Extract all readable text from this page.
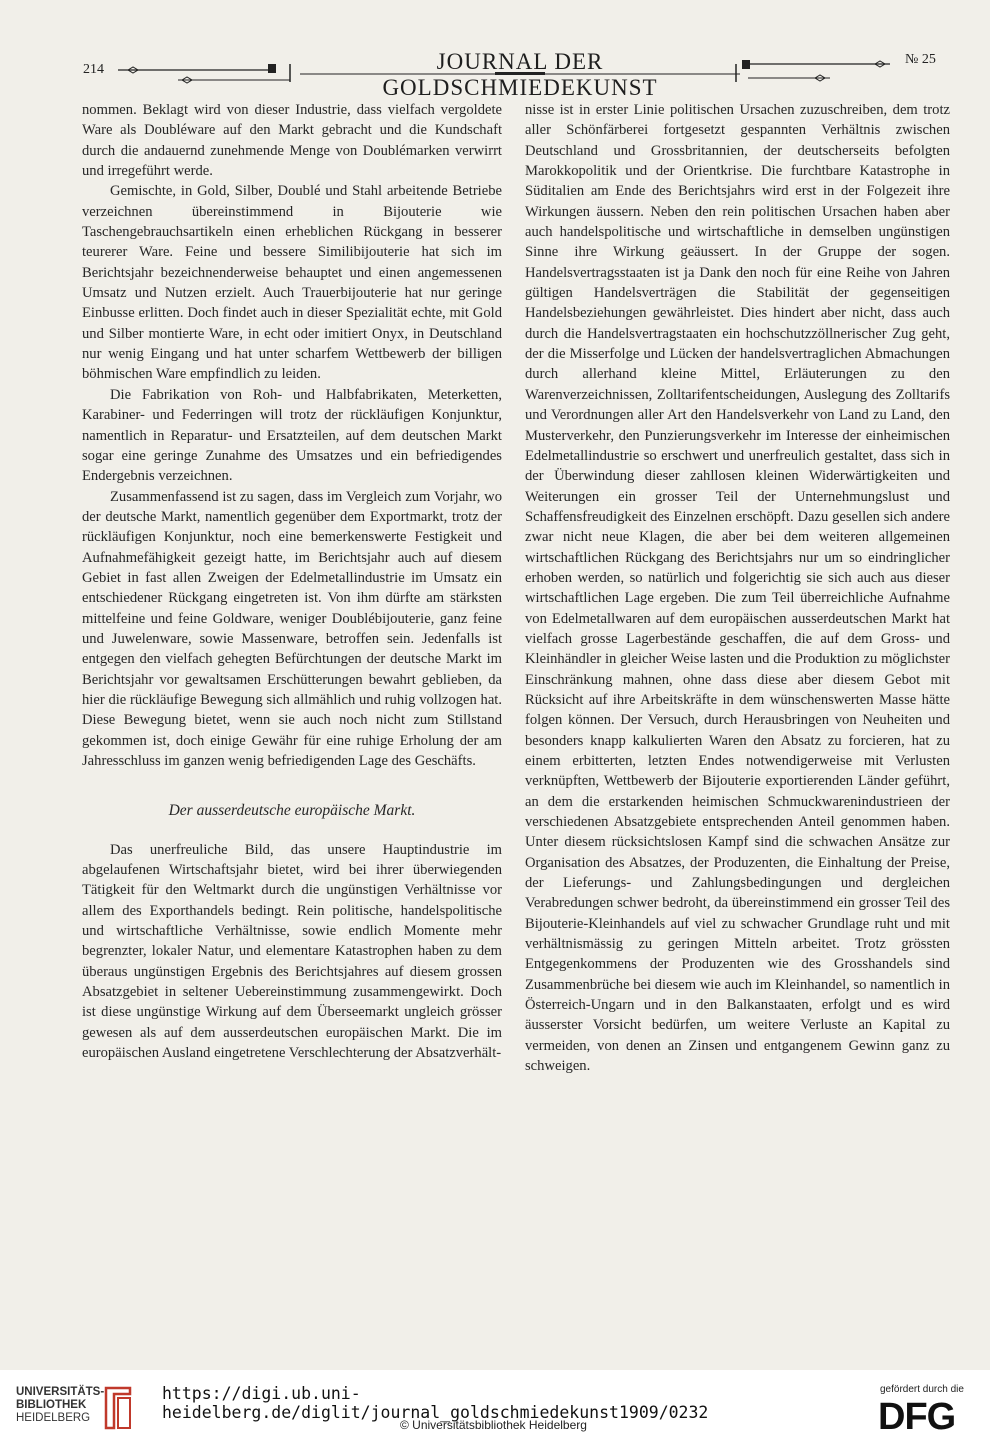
214	JOURNAL DER GOLDSCHMIEDEKUNST
№ 25

nommen. Beklagt wird von dieser Industrie, dass vielfach vergoldete Ware als Doubléware auf den Markt gebracht und die Kundschaft durch die andauernd zunehmende Menge von Doublémarken verwirrt und irregeführt werde.

Gemischte, in Gold, Silber, Doublé und Stahl arbeitende Betriebe verzeichnen übereinstimmend in Bijouterie wie Taschengebrauchsartikeln einen erheblichen Rückgang in besserer teurerer Ware. Feine und bessere Similibijouterie hat sich im Berichtsjahr bezeichnenderweise behauptet und einen angemessenen Umsatz und Nutzen erzielt. Auch Trauerbijouterie hat nur geringe Einbusse erlitten. Doch findet auch in dieser Spezialität echte, mit Gold und Silber montierte Ware, in echt oder imitiert Onyx, in Deutschland nur wenig Eingang und hat unter scharfem Wettbewerb der billigen böhmischen Ware empfindlich zu leiden.

Die Fabrikation von Roh- und Halbfabrikaten, Meterketten, Karabiner- und Federringen will trotz der rückläufigen Konjunktur, namentlich in Reparatur- und Ersatzteilen, auf dem deutschen Markt sogar eine geringe Zunahme des Umsatzes und ein befriedigendes Endergebnis verzeichnen.

Zusammenfassend ist zu sagen, dass im Vergleich zum Vorjahr, wo der deutsche Markt, namentlich gegenüber dem Exportmarkt, trotz der rückläufigen Konjunktur, noch eine bemerkenswerte Festigkeit und Aufnahmefähigkeit gezeigt hatte, im Berichtsjahr auch auf diesem Gebiet in fast allen Zweigen der Edelmetallindustrie im Umsatz ein entschiedener Rückgang eingetreten ist. Von ihm dürfte am stärksten mittelfeine und feine Goldware, weniger Doublébijouterie, ganz feine und Juwelenware, sowie Massenware, betroffen sein. Jedenfalls ist entgegen den vielfach gehegten Befürchtungen der deutsche Markt im Berichtsjahr vor gewaltsamen Erschütterungen bewahrt geblieben, da hier die rückläufige Bewegung sich allmählich und ruhig vollzogen hat. Diese Bewegung bietet, wenn sie auch noch nicht zum Stillstand gekommen ist, doch einige Gewähr für eine ruhige Erholung der am Jahresschluss im ganzen wenig befriedigenden Lage des Geschäfts.

Der ausserdeutsche europäische Markt.

Das unerfreuliche Bild, das unsere Hauptindustrie im abgelaufenen Wirtschaftsjahr bietet, wird bei ihrer überwiegenden Tätigkeit für den Weltmarkt durch die ungünstigen Verhältnisse vor allem des Exporthandels bedingt. Rein politische, handelspolitische und wirtschaftliche Verhältnisse, sowie endlich Momente mehr begrenzter, lokaler Natur, und elementare Katastrophen haben zu dem überaus ungünstigen Ergebnis des Berichtsjahres auf diesem grossen Absatzgebiet in seltener Uebereinstimmung zusammengewirkt. Doch ist diese ungünstige Wirkung auf dem Überseemarkt ungleich grösser gewesen als auf dem ausserdeutschen europäischen Markt. Die im europäischen Ausland eingetretene Verschlechterung der Absatzverhält-

nisse ist in erster Linie politischen Ursachen zuzuschreiben, dem trotz aller Schönfärberei fortgesetzt gespannten Verhältnis zwischen Deutschland und Grossbritannien, der deutscherseits befolgten Marokkopolitik und der Orientkrise. Die furchtbare Katastrophe in Süditalien am Ende des Berichtsjahrs wird erst in der Folgezeit ihre Wirkungen äussern. Neben den rein politischen Ursachen haben aber auch handelspolitische und wirtschaftliche in demselben ungünstigen Sinne ihre Wirkung geäussert. In der Gruppe der sogen. Handelsvertragsstaaten ist ja Dank den noch für eine Reihe von Jahren gültigen Handelsverträgen die Stabilität der gegenseitigen Handelsbeziehungen gewährleistet. Dies hindert aber nicht, dass auch durch die Handelsvertragstaaten ein hochschutzzöllnerischer Zug geht, der die Misserfolge und Lücken der handelsvertraglichen Abmachungen durch allerhand kleine Mittel, Erläuterungen zu den Warenverzeichnissen, Zolltarifentscheidungen, Auslegung des Zolltarifs und Verordnungen aller Art den Handelsverkehr von Land zu Land, den Musterverkehr, den Punzierungsverkehr im Interesse der einheimischen Edelmetallindustrie so erschwert und unerfreulich gestaltet, dass sich in der Überwindung dieser zahllosen kleinen Widerwärtigkeiten und Weiterungen ein grosser Teil der Unternehmungslust und Schaffensfreudigkeit des Einzelnen erschöpft. Dazu gesellen sich andere zwar nicht neue Klagen, die aber bei dem weiteren allgemeinen wirtschaftlichen Rückgang des Berichtsjahrs nur um so eindringlicher erhoben werden, so natürlich und folgerichtig sie sich auch aus dieser wirtschaftlichen Lage ergeben. Die zum Teil überreichliche Aufnahme von Edelmetallwaren auf dem europäischen ausserdeutschen Markt hat vielfach grosse Lagerbestände geschaffen, die auf dem Gross- und Kleinhändler in gleicher Weise lasten und die Produktion zu möglichster Einschränkung mahnen, ohne dass diese aber diesem Gebot mit Rücksicht auf ihre Arbeitskräfte in dem wünschenswerten Masse hätte folgen können. Der Versuch, durch Herausbringen von Neuheiten und besonders knapp kalkulierten Waren den Absatz zu forcieren, hat zu einem erbitterten, letzten Endes notwendigerweise mit Verlusten verknüpften, Wettbewerb der Bijouterie exportierenden Länder geführt, an dem die erstarkenden heimischen Schmuckwarenindustrieen der verschiedenen Absatzgebiete entsprechenden Anteil genommen haben. Unter diesem rücksichtslosen Kampf sind die schwachen Ansätze zur Organisation des Absatzes, der Produzenten, die Einhaltung der Preise, der Lieferungs- und Zahlungsbedingungen und dergleichen Verabredungen schwer bedroht, da übereinstimmend ein grosser Teil des Bijouterie-Kleinhandels auf viel zu schwacher Grundlage ruht und mit verhältnismässig zu geringen Mitteln arbeitet. Trotz grössten Entgegenkommens der Produzenten wie des Grosshandels sind Zusammenbrüche bei diesem wie auch im Kleinhandel, so namentlich in Österreich-Ungarn und in den Balkanstaaten, erfolgt und es wird äusserster Vorsicht bedürfen, um weitere Verluste an Kapital zu vermeiden, von denen an Zinsen und entgangenem Gewinn ganz zu schweigen.

UNIVERSITÄTS-
BIBLIOTHEK
HEIDELBERG
https://digi.ub.uni-heidelberg.de/diglit/journal_goldschmiedekunst1909/0232
© Universitätsbibliothek Heidelberg
gefördert durch die
DFG
